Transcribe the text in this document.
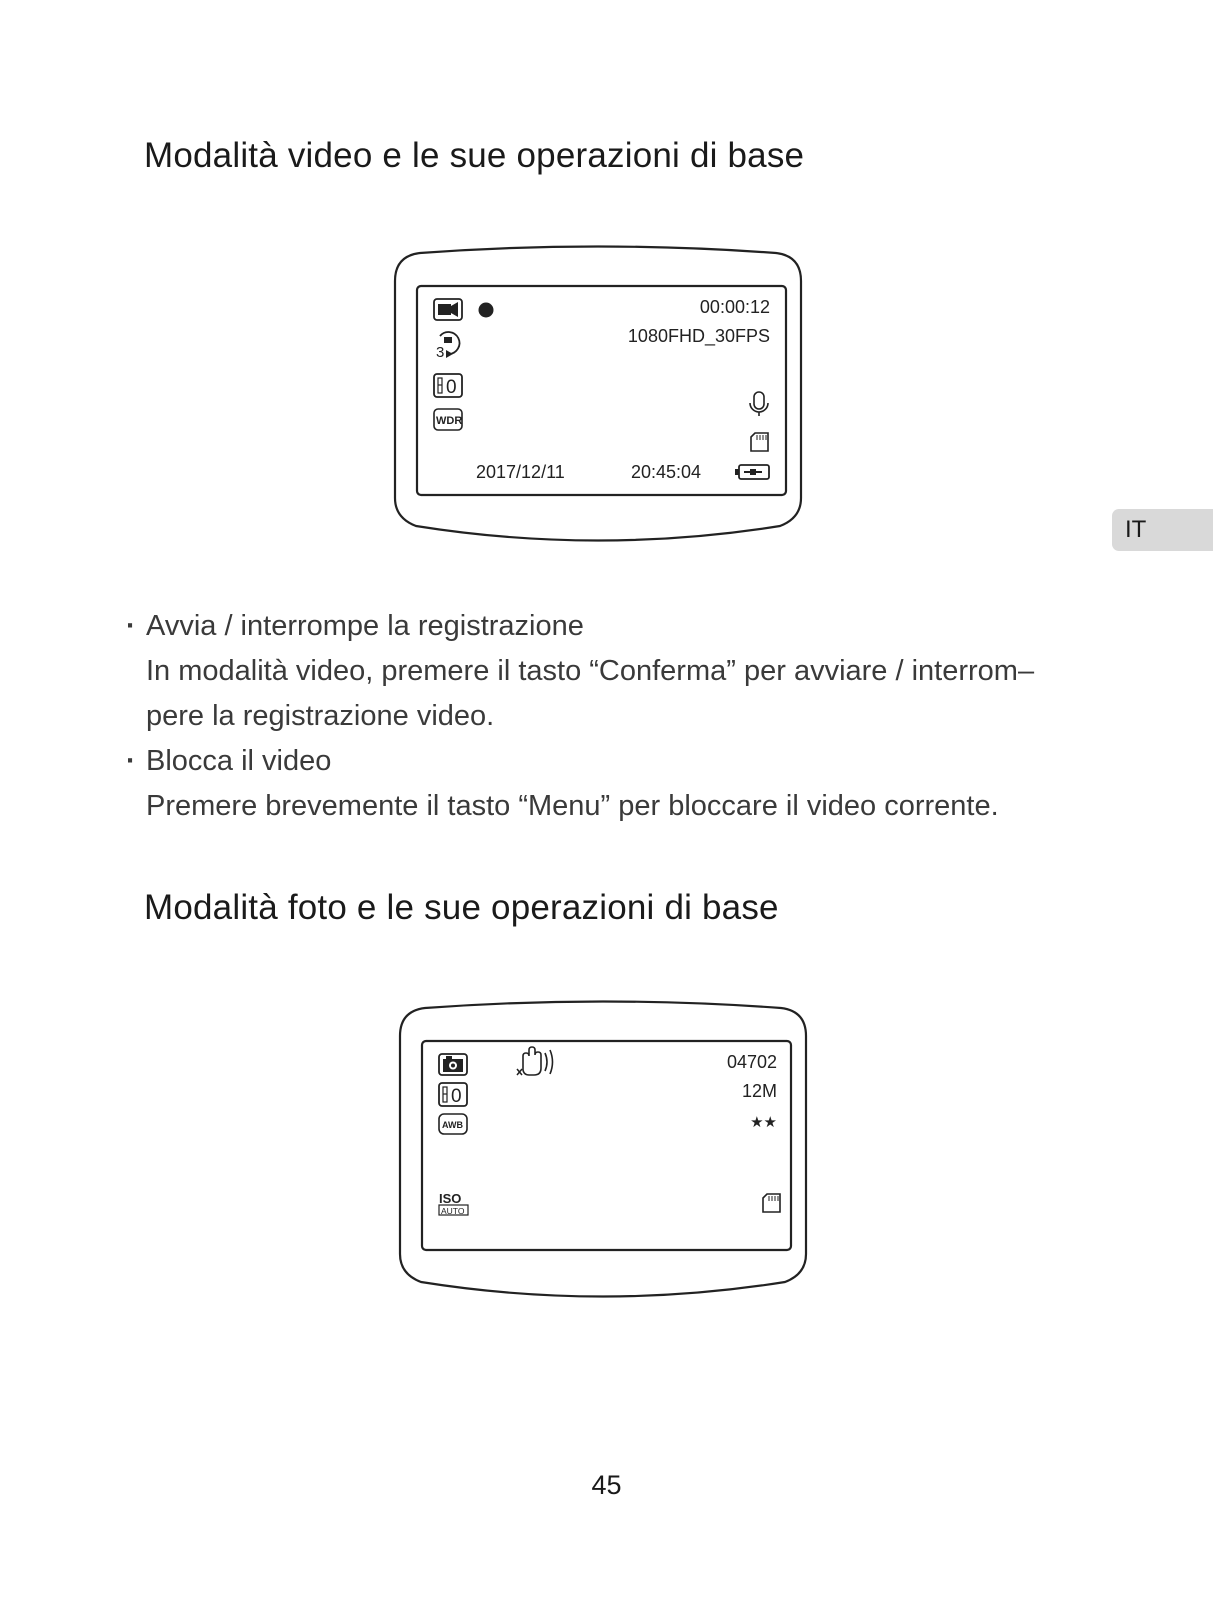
Modalità video e le sue operazioni di base
3
0
WDR
00:00:12
1080FHD_30FPS
2017/12/11	20:45:04
04702
12M
★★
0
AWB
ISO
AUTO
IT
· Avvia / interrompe la registrazione
In modalità video, premere il tasto “Conferma” per avviare / interrom–
pere la registrazione video.
· Blocca il video
Premere brevemente il tasto “Menu” per bloccare il video corrente.
Modalità foto e le sue operazioni di base
45
